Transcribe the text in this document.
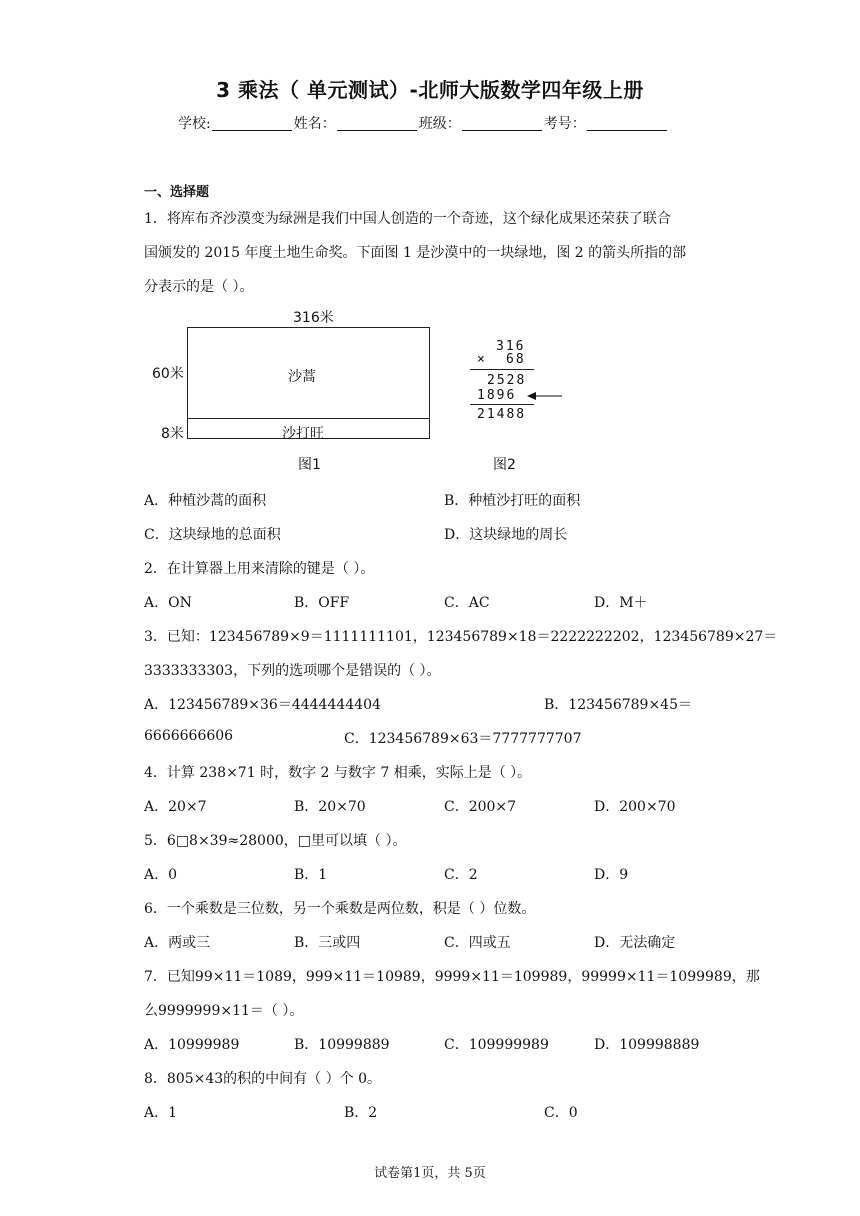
3 乘法（ 单元测试）-北师大版数学四年级上册
学校:	姓名：	班级：	考号：
一、选择题
1．将库布齐沙漠变为绿洲是我们中国人创造的一个奇迹，这个绿化成果还荣获了联合
国颁发的 2015 年度土地生命奖。下面图 1 是沙漠中的一块绿地，图 2 的箭头所指的部
分表示的是（ ）。
316米
60米
8米
沙蒿
沙打旺
图1
316
× 68
2528
1896
21488
图2
A．种植沙蒿的面积	B．种植沙打旺的面积
C．这块绿地的总面积	D．这块绿地的周长
2．在计算器上用来清除的键是（ ）。
A．ON	B．OFF	C．AC	D．M＋
3．已知：123456789×9＝1111111101，123456789×18＝2222222202，123456789×27＝
3333333303，下列的选项哪个是错误的（ ）。
A．123456789×36＝4444444404	B．123456789×45＝
6666666606	C．123456789×63＝7777777707
4．计算 238×71 时，数字 2 与数字 7 相乘，实际上是（ ）。
A．20×7	B．20×70	C．200×7	D．200×70
5．6□8×39≈28000，□里可以填（ ）。
A．0	B．1	C．2	D．9
6．一个乘数是三位数，另一个乘数是两位数，积是（ ）位数。
A．两或三	B．三或四	C．四或五	D．无法确定
7．已知99×11＝1089，999×11＝10989，9999×11＝109989，99999×11＝1099989，那
么9999999×11＝（ ）。
A．10999989	B．10999889	C．109999989	D．109998889
8．805×43的积的中间有（ ）个 0。
A．1	B．2	C．0
试卷第1页，共 5页
